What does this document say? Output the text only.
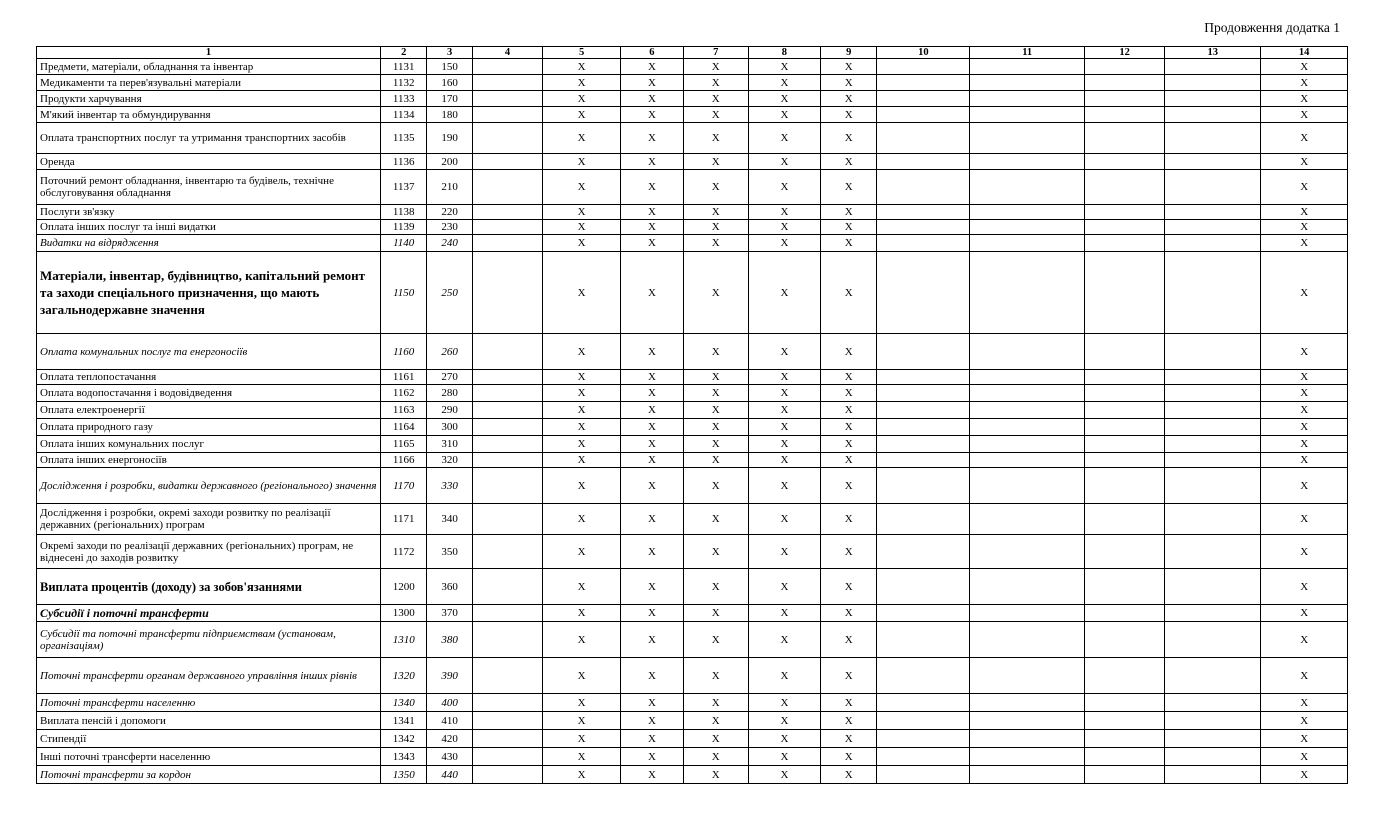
Продовження додатка 1
1	2	3	4	5	6	7	8	9	10	11	12	13	14
Предмети, матеріали, обладнання та інвентар	1131	150		Х	Х	Х	Х	Х					Х
Медикаменти та перев'язувальні матеріали	1132	160		Х	Х	Х	Х	Х					Х
Продукти харчування	1133	170		Х	Х	Х	Х	Х					Х
М'який інвентар та обмундирування	1134	180		Х	Х	Х	Х	Х					Х
Оплата транспортних послуг та утримання транспортних засобів	1135	190		Х	Х	Х	Х	Х					Х
Оренда	1136	200		Х	Х	Х	Х	Х					Х
Поточний ремонт обладнання, інвентарю та будівель, технічне обслуговування обладнання	1137	210		Х	Х	Х	Х	Х					Х
Послуги зв'язку	1138	220		Х	Х	Х	Х	Х					Х
Оплата інших послуг та інші видатки	1139	230		Х	Х	Х	Х	Х					Х
Видатки на відрядження	1140	240		Х	Х	Х	Х	Х					Х
Матеріали, інвентар, будівництво, капітальний ремонт та заходи спеціального призначення, що мають загальнодержавне значення	1150	250		Х	Х	Х	Х	Х					Х
Оплата комунальних послуг та енергоносіїв	1160	260		Х	Х	Х	Х	Х					Х
Оплата теплопостачання	1161	270		Х	Х	Х	Х	Х					Х
Оплата водопостачання і водовідведення	1162	280		Х	Х	Х	Х	Х					Х
Оплата електроенергії	1163	290		Х	Х	Х	Х	Х					Х
Оплата природного газу	1164	300		Х	Х	Х	Х	Х					Х
Оплата інших комунальних послуг	1165	310		Х	Х	Х	Х	Х					Х
Оплата інших енергоносіїв	1166	320		Х	Х	Х	Х	Х					Х
Дослідження і розробки, видатки державного (регіонального) значення	1170	330		Х	Х	Х	Х	Х					Х
Дослідження і розробки, окремі заходи розвитку по реалізації державних (регіональних) програм	1171	340		Х	Х	Х	Х	Х					Х
Окремі заходи по реалізації державних (регіональних) програм, не віднесені до заходів розвитку	1172	350		Х	Х	Х	Х	Х					Х
Виплата процентів (доходу) за зобов'язаннями	1200	360		Х	Х	Х	Х	Х					Х
Субсидії і поточні трансферти	1300	370		Х	Х	Х	Х	Х					Х
Субсидії та поточні трансферти підприємствам (установам, організаціям)	1310	380		Х	Х	Х	Х	Х					Х
Поточні трансферти органам державного управління інших рівнів	1320	390		Х	Х	Х	Х	Х					Х
Поточні трансферти населенню	1340	400		Х	Х	Х	Х	Х					Х
Виплата пенсій і допомоги	1341	410		Х	Х	Х	Х	Х					Х
Стипендії	1342	420		Х	Х	Х	Х	Х					Х
Інші поточні трансферти населенню	1343	430		Х	Х	Х	Х	Х					Х
Поточні трансферти за кордон	1350	440		Х	Х	Х	Х	Х					Х
